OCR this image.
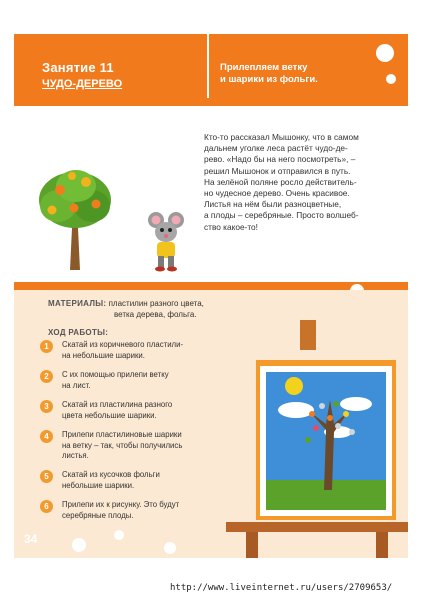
Занятие 11
ЧУДО-ДЕРЕВО
Прилепляем ветку
и шарики из фольги.
Кто-то рассказал Мышонку, что в самом
дальнем уголке леса растёт чудо-де-
рево. «Надо бы на него посмотреть», –
решил Мышонок и отправился в путь.
На зелёной поляне росло действитель-
но чудесное дерево. Очень красивое.
Листья на нём были разноцветные,
а плоды – серебряные. Просто волшеб-
ство какое-то!
МАТЕРИАЛЫ: пластилин разного цвета,
ветка дерева, фольга.
ХОД РАБОТЫ:
1	Скатай из коричневого пластили-
на небольшие шарики.
2	С их помощью прилепи ветку
на лист.
3	Скатай из пластилина разного
цвета небольшие шарики.
4	Прилепи пластилиновые шарики
на ветку – так, чтобы получились
листья.
5	Скатай из кусочков фольги
небольшие шарики.
6	Прилепи их к рисунку. Это будут
серебряные плоды.
34
http://www.liveinternet.ru/users/2709653/
